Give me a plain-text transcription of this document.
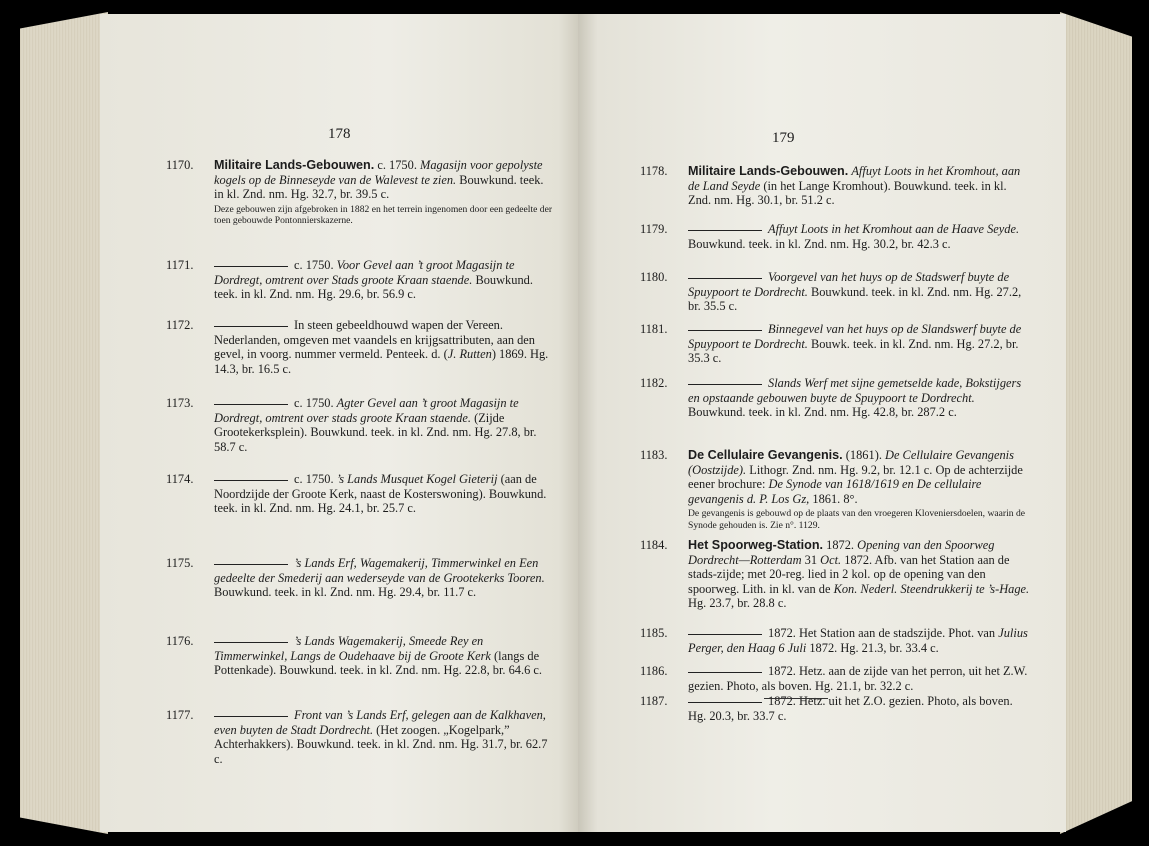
178
1170. Militaire Lands-Gebouwen. c. 1750. Magasijn voor gepolyste kogels op de Binneseyde van de Walevest te zien. Bouwkund. teek. in kl. Znd. nm. Hg. 32.7, br. 39.5 c.
Deze gebouwen zijn afgebroken in 1882 en het terrein ingenomen door een gedeelte der toen gebouwde Pontonnierskazerne.
1171.	c. 1750. Voor Gevel aan ’t groot Magasijn te Dordregt, omtrent over Stads groote Kraan staende. Bouwkund. teek. in kl. Znd. nm. Hg. 29.6, br. 56.9 c.
1172.	In steen gebeeldhouwd wapen der Vereen. Nederlanden, omgeven met vaandels en krijgsattributen, aan den gevel, in voorg. nummer vermeld. Penteek. d. (J. Rutten) 1869. Hg. 14.3, br. 16.5 c.
1173.	c. 1750. Agter Gevel aan ’t groot Magasijn te Dordregt, omtrent over stads groote Kraan staende. (Zijde Grootekerksplein). Bouwkund. teek. in kl. Znd. nm. Hg. 27.8, br. 58.7 c.
1174.	c. 1750. ’s Lands Musquet Kogel Gieterij (aan de Noordzijde der Groote Kerk, naast de Kosterswoning). Bouwkund. teek. in kl. Znd. nm. Hg. 24.1, br. 25.7 c.
1175.	’s Lands Erf, Wagemakerij, Timmerwinkel en Een gedeelte der Smederij aan wederseyde van de Grootekerks Tooren. Bouwkund. teek. in kl. Znd. nm. Hg. 29.4, br. 11.7 c.
1176.	’s Lands Wagemakerij, Smeede Rey en Timmerwinkel, Langs de Oudehaave bij de Groote Kerk (langs de Pottenkade). Bouwkund. teek. in kl. Znd. nm. Hg. 22.8, br. 64.6 c.
1177.	Front van ’s Lands Erf, gelegen aan de Kalkhaven, even buyten de Stadt Dordrecht. (Het zoogen. „Kogelpark,” Achterhakkers). Bouwkund. teek. in kl. Znd. nm. Hg. 31.7, br. 62.7 c.
179
1178. Militaire Lands-Gebouwen. Affuyt Loots in het Kromhout, aan de Land Seyde (in het Lange Kromhout). Bouwkund. teek. in kl. Znd. nm. Hg. 30.1, br. 51.2 c.
1179.	Affuyt Loots in het Kromhout aan de Haave Seyde. Bouwkund. teek. in kl. Znd. nm. Hg. 30.2, br. 42.3 c.
1180.	Voorgevel van het huys op de Stadswerf buyte de Spuypoort te Dordrecht. Bouwkund. teek. in kl. Znd. nm. Hg. 27.2, br. 35.5 c.
1181.	Binnegevel van het huys op de Slandswerf buyte de Spuypoort te Dordrecht. Bouwk. teek. in kl. Znd. nm. Hg. 27.2, br. 35.3 c.
1182.	Slands Werf met sijne gemetselde kade, Bokstijgers en opstaande gebouwen buyte de Spuypoort te Dordrecht. Bouwkund. teek. in kl. Znd. nm. Hg. 42.8, br. 287.2 c.
1183. De Cellulaire Gevangenis. (1861). De Cellulaire Gevangenis (Oostzijde). Lithogr. Znd. nm. Hg. 9.2, br. 12.1 c. Op de achterzijde eener brochure: De Synode van 1618/1619 en De cellulaire gevangenis d. P. Los Gz, 1861. 8°.
De gevangenis is gebouwd op de plaats van den vroegeren Kloveniersdoelen, waarin de Synode gehouden is. Zie n°. 1129.
1184. Het Spoorweg-Station. 1872. Opening van den Spoorweg Dordrecht—Rotterdam 31 Oct. 1872. Afb. van het Station aan de stads-zijde; met 20-reg. lied in 2 kol. op de opening van den spoorweg. Lith. in kl. van de Kon. Nederl. Steendrukkerij te ’s-Hage. Hg. 23.7, br. 28.8 c.
1185.	1872. Het Station aan de stadszijde. Phot. van Julius Perger, den Haag 6 Juli 1872. Hg. 21.3, br. 33.4 c.
1186.	1872. Hetz. aan de zijde van het perron, uit het Z.W. gezien. Photo, als boven. Hg. 21.1, br. 32.2 c.
1187.	1872. Hetz. uit het Z.O. gezien. Photo, als boven. Hg. 20.3, br. 33.7 c.
